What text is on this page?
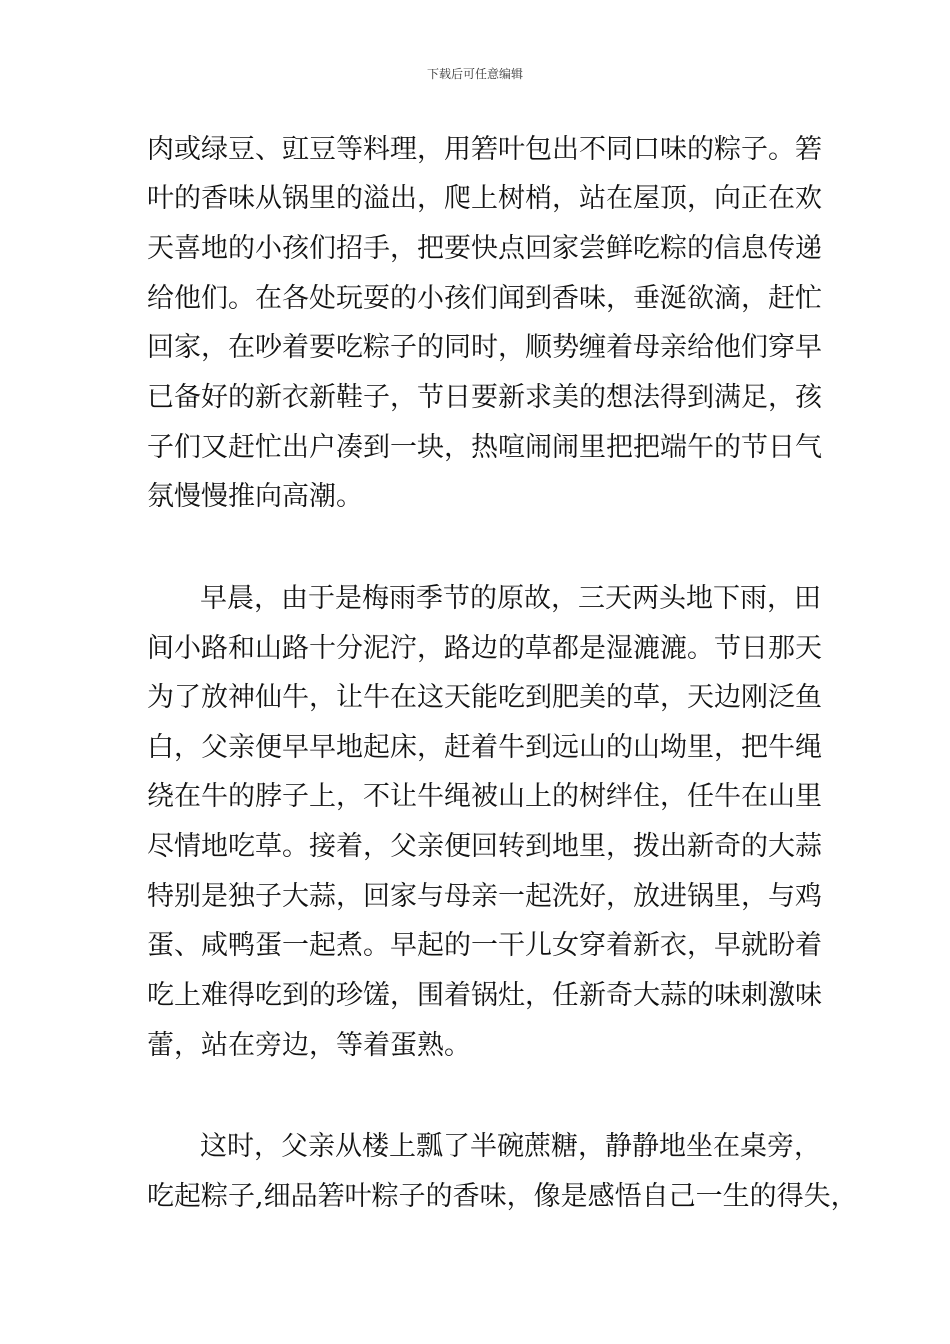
下载后可任意编辑
肉或绿豆、豇豆等料理，用箬叶包出不同口味的粽子。箬
叶的香味从锅里的溢出，爬上树梢，站在屋顶，向正在欢
天喜地的小孩们招手，把要快点回家尝鲜吃粽的信息传递
给他们。在各处玩耍的小孩们闻到香味，垂涎欲滴，赶忙
回家，在吵着要吃粽子的同时，顺势缠着母亲给他们穿早
已备好的新衣新鞋子，节日要新求美的想法得到满足，孩
子们又赶忙出户凑到一块，热喧闹闹里把把端午的节日气
氛慢慢推向高潮。
早晨，由于是梅雨季节的原故，三天两头地下雨，田
间小路和山路十分泥泞，路边的草都是湿漉漉。节日那天
为了放神仙牛，让牛在这天能吃到肥美的草，天边刚泛鱼
白，父亲便早早地起床，赶着牛到远山的山坳里，把牛绳
绕在牛的脖子上，不让牛绳被山上的树绊住，任牛在山里
尽情地吃草。接着，父亲便回转到地里，拨出新奇的大蒜
特别是独子大蒜，回家与母亲一起洗好，放进锅里，与鸡
蛋、咸鸭蛋一起煮。早起的一干儿女穿着新衣，早就盼着
吃上难得吃到的珍馐，围着锅灶，任新奇大蒜的味刺激味
蕾，站在旁边，等着蛋熟。
这时，父亲从楼上瓢了半碗蔗糖，静静地坐在桌旁，
吃起粽子,细品箬叶粽子的香味，像是感悟自己一生的得失，
